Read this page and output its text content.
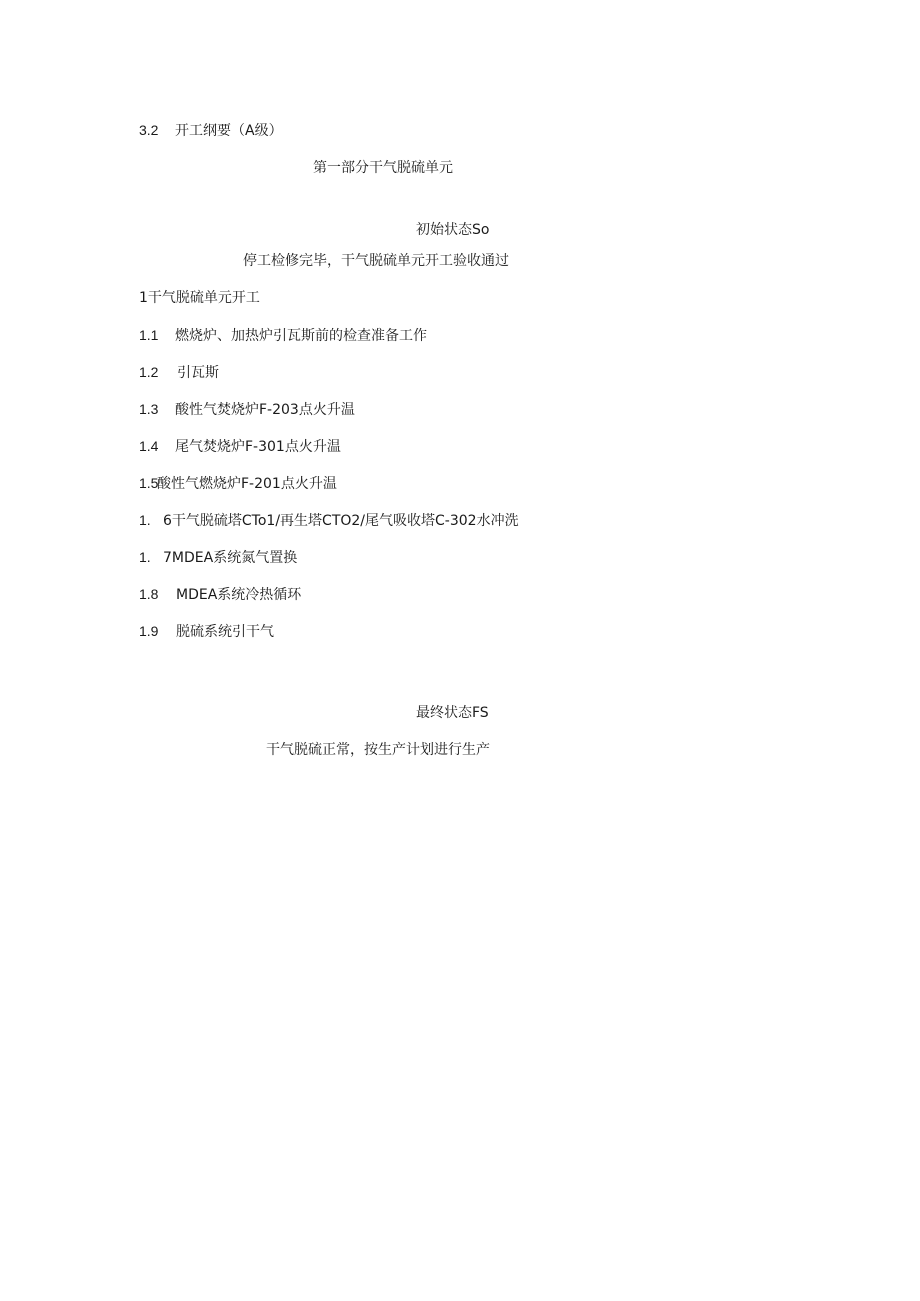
3.2 开工纲要（A级）
第一部分干气脱硫单元
初始状态So
停工检修完毕，干气脱硫单元开工验收通过
1干气脱硫单元开工
1.1 燃烧炉、加热炉引瓦斯前的检查准备工作
1.2 引瓦斯
1.3 酸性气焚烧炉F-203点火升温
1.4 尾气焚烧炉F-301点火升温
1.5酸性气燃烧炉F-201点火升温
1. 6干气脱硫塔CTo1/再生塔CTO2/尾气吸收塔C-302水冲洗
1. 7MDEA系统氮气置换
1.8 MDEA系统冷热循环
1.9 脱硫系统引干气
最终状态FS
干气脱硫正常，按生产计划进行生产
